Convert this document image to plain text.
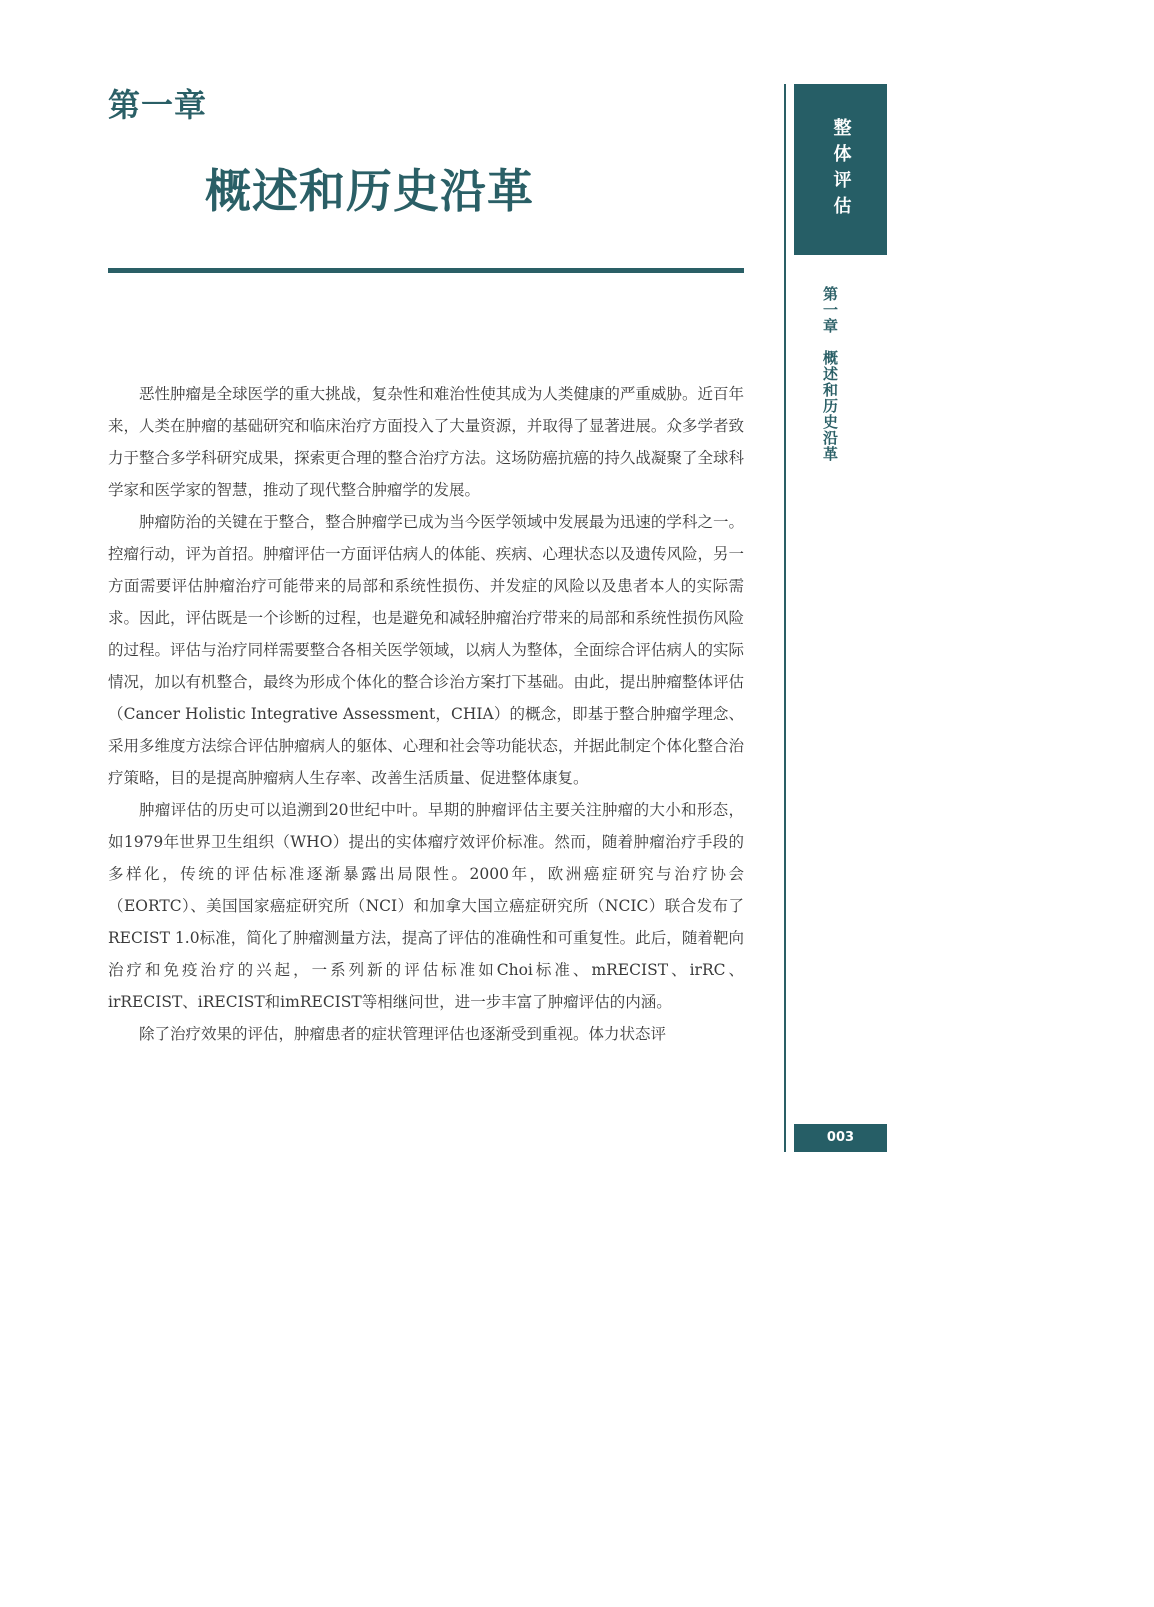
第一章
概述和历史沿革

恶性肿瘤是全球医学的重大挑战，复杂性和难治性使其成为人类健康的严重威胁。近百年来，人类在肿瘤的基础研究和临床治疗方面投入了大量资源，并取得了显著进展。众多学者致力于整合多学科研究成果，探索更合理的整合治疗方法。这场防癌抗癌的持久战凝聚了全球科学家和医学家的智慧，推动了现代整合肿瘤学的发展。

肿瘤防治的关键在于整合，整合肿瘤学已成为当今医学领域中发展最为迅速的学科之一。控瘤行动，评为首招。肿瘤评估一方面评估病人的体能、疾病、心理状态以及遗传风险，另一方面需要评估肿瘤治疗可能带来的局部和系统性损伤、并发症的风险以及患者本人的实际需求。因此，评估既是一个诊断的过程，也是避免和减轻肿瘤治疗带来的局部和系统性损伤风险的过程。评估与治疗同样需要整合各相关医学领域，以病人为整体，全面综合评估病人的实际情况，加以有机整合，最终为形成个体化的整合诊治方案打下基础。由此，提出肿瘤整体评估（Cancer Holistic Integrative Assessment，CHIA）的概念，即基于整合肿瘤学理念、采用多维度方法综合评估肿瘤病人的躯体、心理和社会等功能状态，并据此制定个体化整合治疗策略，目的是提高肿瘤病人生存率、改善生活质量、促进整体康复。

肿瘤评估的历史可以追溯到20世纪中叶。早期的肿瘤评估主要关注肿瘤的大小和形态，如1979年世界卫生组织（WHO）提出的实体瘤疗效评价标准。然而，随着肿瘤治疗手段的多样化，传统的评估标准逐渐暴露出局限性。2000年，欧洲癌症研究与治疗协会（EORTC）、美国国家癌症研究所（NCI）和加拿大国立癌症研究所（NCIC）联合发布了RECIST 1.0标准，简化了肿瘤测量方法，提高了评估的准确性和可重复性。此后，随着靶向治疗和免疫治疗的兴起，一系列新的评估标准如Choi标准、mRECIST、irRC、irRECIST、iRECIST和imRECIST等相继问世，进一步丰富了肿瘤评估的内涵。

除了治疗效果的评估，肿瘤患者的症状管理评估也逐渐受到重视。体力状态评

整体评估
第一章　概述和历史沿革
003
